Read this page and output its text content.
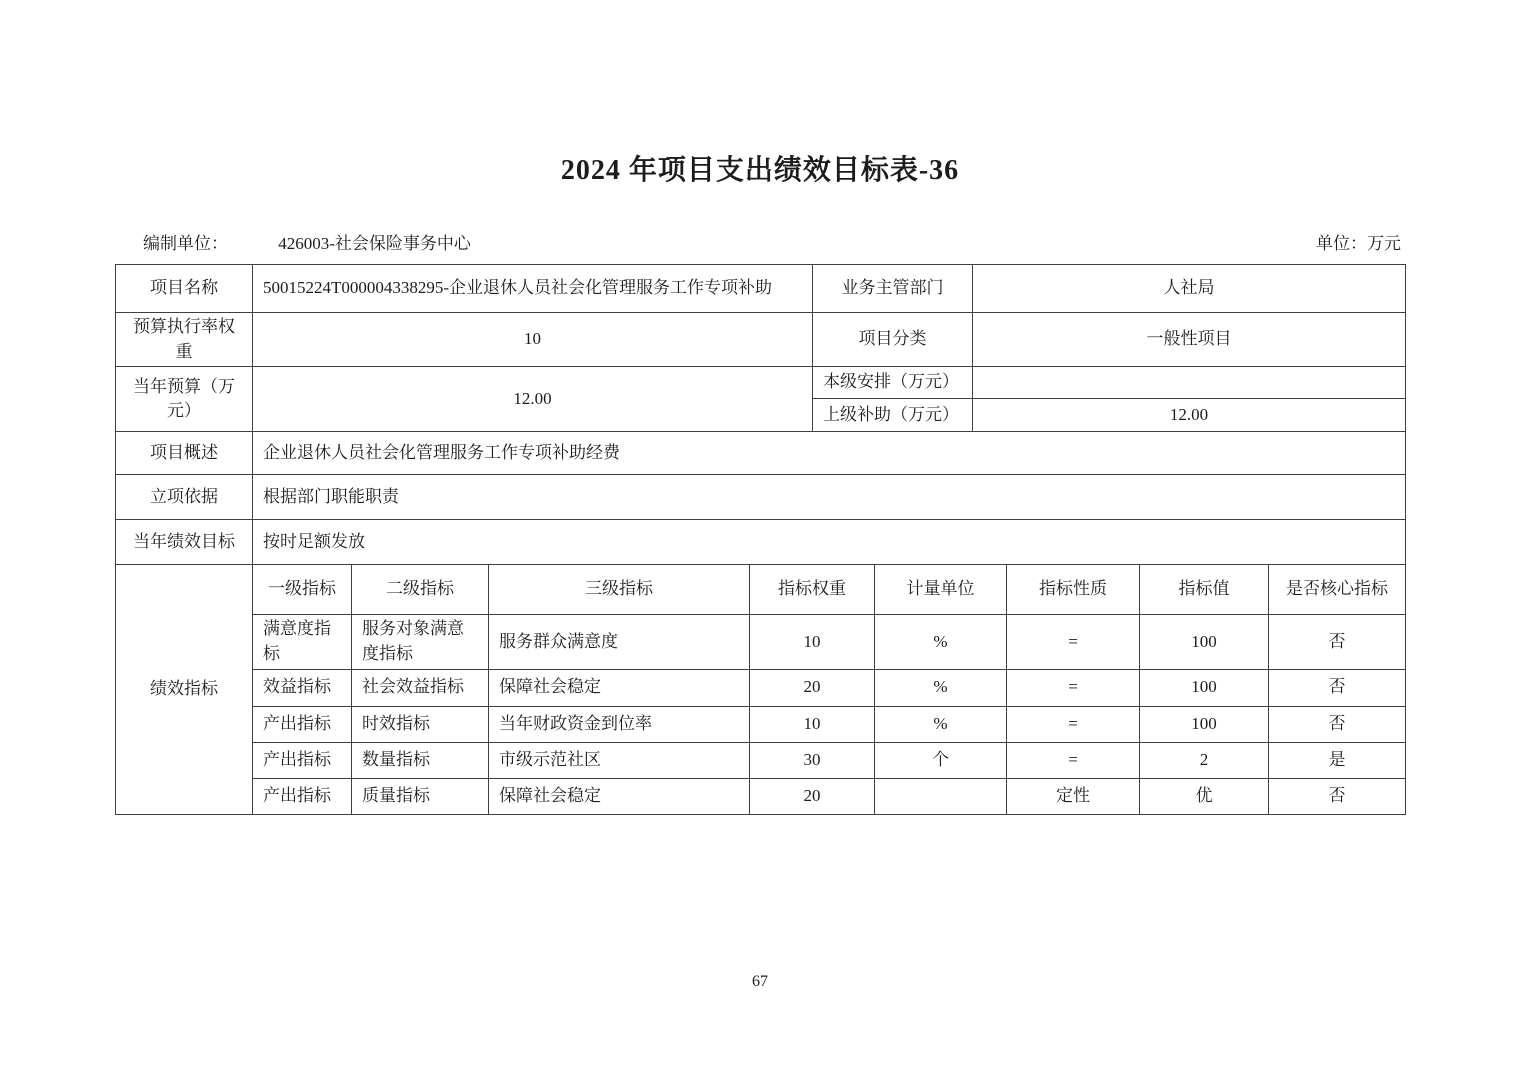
2024 年项目支出绩效目标表-36
编制单位：	426003-社会保险事务中心	单位：万元
项目名称	50015224T000004338295-企业退休人员社会化管理服务工作专项补助	业务主管部门	人社局
预算执行率权重	10	项目分类	一般性项目
当年预算（万元）	12.00	本级安排（万元）	
		上级补助（万元）	12.00
项目概述	企业退休人员社会化管理服务工作专项补助经费		
立项依据	根据部门职能职责		
当年绩效目标	按时足额发放		
绩效指标	一级指标	二级指标	三级指标	指标权重	计量单位	指标性质	指标值	是否核心指标
	满意度指标	服务对象满意度指标	服务群众满意度	10	%	=	100	否
	效益指标	社会效益指标	保障社会稳定	20	%	=	100	否
	产出指标	时效指标	当年财政资金到位率	10	%	=	100	否
	产出指标	数量指标	市级示范社区	30	个	=	2	是
	产出指标	质量指标	保障社会稳定	20		定性	优	否
67
